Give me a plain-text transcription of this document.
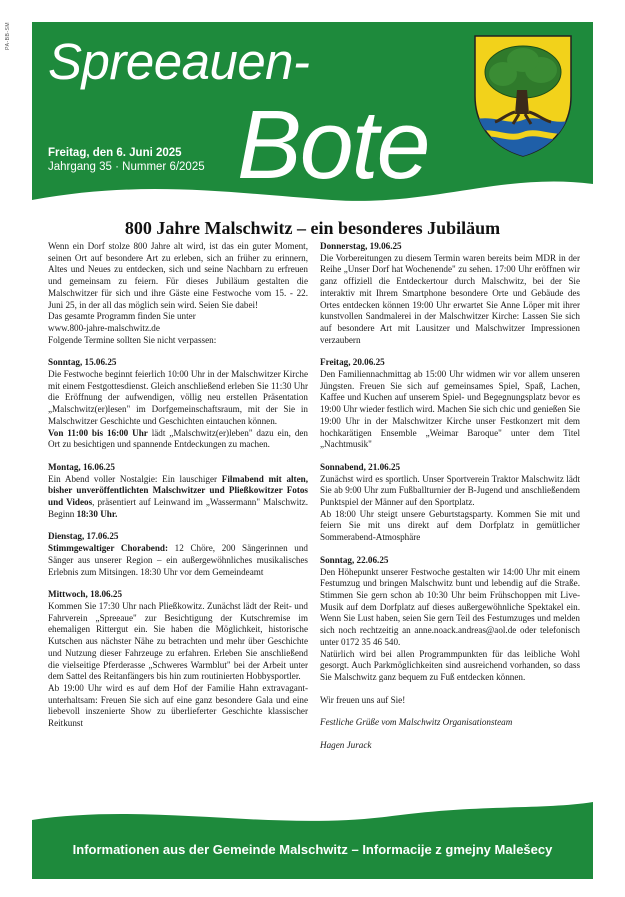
PA-BB-SM Spreeauen-
Bote
Freitag, den 6. Juni 2025
Jahrgang 35 · Nummer 6/2025
800 Jahre Malschwitz – ein besonderes Jubiläum

Wenn ein Dorf stolze 800 Jahre alt wird, ist das ein guter Moment, seinen Ort auf besondere Art zu erleben, sich an früher zu erinnern, Altes und Neues zu entdecken, sich und seine Nachbarn zu erfreuen und gemeinsam zu feiern. Für dieses Jubiläum gestalten die Malschwitzer für sich und ihre Gäste eine Festwoche vom 15. - 22. Juni 25, in der all das möglich sein wird. Seien Sie dabei!

Das gesamte Programm finden Sie unter

www.800-jahre-malschwitz.de

Folgende Termine sollten Sie nicht verpassen:

Sonntag, 15.06.25

Die Festwoche beginnt feierlich 10:00 Uhr in der Malschwitzer Kirche mit einem Festgottesdienst. Gleich anschließend erleben Sie 11:30 Uhr die Eröffnung der aufwendigen, völlig neu erstellen Präsentation „Malschwitz(er)lesen" im Dorfgemeinschaftsraum, mit der Sie in Malschwitzer Geschichte und Geschichten eintauchen können.

Von 11:00 bis 16:00 Uhr lädt „Malschwitz(er)leben" dazu ein, den Ort zu besichtigen und spannende Entdeckungen zu machen.

Montag, 16.06.25

Ein Abend voller Nostalgie: Ein lauschiger Filmabend mit alten, bisher unveröffentlichten Malschwitzer und Pließkowitzer Fotos und Videos, präsentiert auf Leinwand im „Wassermann" Malschwitz. Beginn 18:30 Uhr.

Dienstag, 17.06.25

Stimmgewaltiger Chorabend: 12 Chöre, 200 Sängerinnen und Sänger aus unserer Region – ein außergewöhnliches musikalisches Erlebnis zum Mitsingen. 18:30 Uhr vor dem Gemeindeamt

Mittwoch, 18.06.25

Kommen Sie 17:30 Uhr nach Pließkowitz. Zunächst lädt der Reit- und Fahrverein „Spreeaue" zur Besichtigung der Kutschremise im ehemaligen Rittergut ein. Sie haben die Möglichkeit, historische Kutschen aus nächster Nähe zu betrachten und mehr über Geschichte und Nutzung dieser Fahrzeuge zu erfahren. Erleben Sie anschließend die vielseitige Pferderasse „Schweres Warmblut" bei der Arbeit unter dem Sattel des Reitanfängers bis hin zum routinierten Hobbysportler.

Ab 19:00 Uhr wird es auf dem Hof der Familie Hahn extravagant-unterhaltsam: Freuen Sie sich auf eine ganz besondere Gala und eine liebevoll inszenierte Show zu überlieferter Geschichte klassischer Reitkunst

Donnerstag, 19.06.25

Die Vorbereitungen zu diesem Termin waren bereits beim MDR in der Reihe „Unser Dorf hat Wochenende" zu sehen. 17:00 Uhr eröffnen wir ganz offiziell die Entdeckertour durch Malschwitz, bei der Sie interaktiv mit Ihrem Smartphone besondere Orte und Gebäude des Ortes entdecken können 19:00 Uhr erwartet Sie Anne Löper mit ihrer kunstvollen Sandmalerei in der Malschwitzer Kirche: Lassen Sie sich auf besondere Art mit Lausitzer und Malschwitzer Impressionen verzaubern

Freitag, 20.06.25

Den Familiennachmittag ab 15:00 Uhr widmen wir vor allem unseren Jüngsten. Freuen Sie sich auf gemeinsames Spiel, Spaß, Lachen, Kaffee und Kuchen auf unserem Spiel- und Begegnungsplatz bevor es 19:00 Uhr wieder festlich wird. Machen Sie sich chic und genießen Sie 19:00 Uhr in der Malschwitzer Kirche unser Festkonzert mit dem hochkarätigen Ensemble „Weimar Baroque" unter dem Titel „Nachtmusik"

Sonnabend, 21.06.25

Zunächst wird es sportlich. Unser Sportverein Traktor Malschwitz lädt Sie ab 9:00 Uhr zum Fußballturnier der B-Jugend und anschließendem Punktspiel der Männer auf den Sportplatz.

Ab 18:00 Uhr steigt unsere Geburtstagsparty. Kommen Sie mit und feiern Sie mit uns direkt auf dem Dorfplatz in gemütlicher Sommerabend-Atmosphäre

Sonntag, 22.06.25

Den Höhepunkt unserer Festwoche gestalten wir 14:00 Uhr mit einem Festumzug und bringen Malschwitz bunt und lebendig auf die Straße. Stimmen Sie gern schon ab 10:30 Uhr beim Frühschoppen mit Live-Musik auf dem Dorfplatz auf dieses außergewöhnliche Spektakel ein. Wenn Sie Lust haben, seien Sie gern Teil des Festumzuges und melden sich noch rechtzeitig an anne.noack.andreas@aol.de oder telefonisch unter 0172 35 46 540.

Natürlich wird bei allen Programmpunkten für das leibliche Wohl gesorgt. Auch Parkmöglichkeiten sind ausreichend vorhanden, so dass Sie Malschwitz ganz bequem zu Fuß entdecken können.

Wir freuen uns auf Sie!

Festliche Grüße vom Malschwitz Organisationsteam

Hagen Jurack

Informationen aus der Gemeinde Malschwitz – Informacije z gmejny Malešecy
